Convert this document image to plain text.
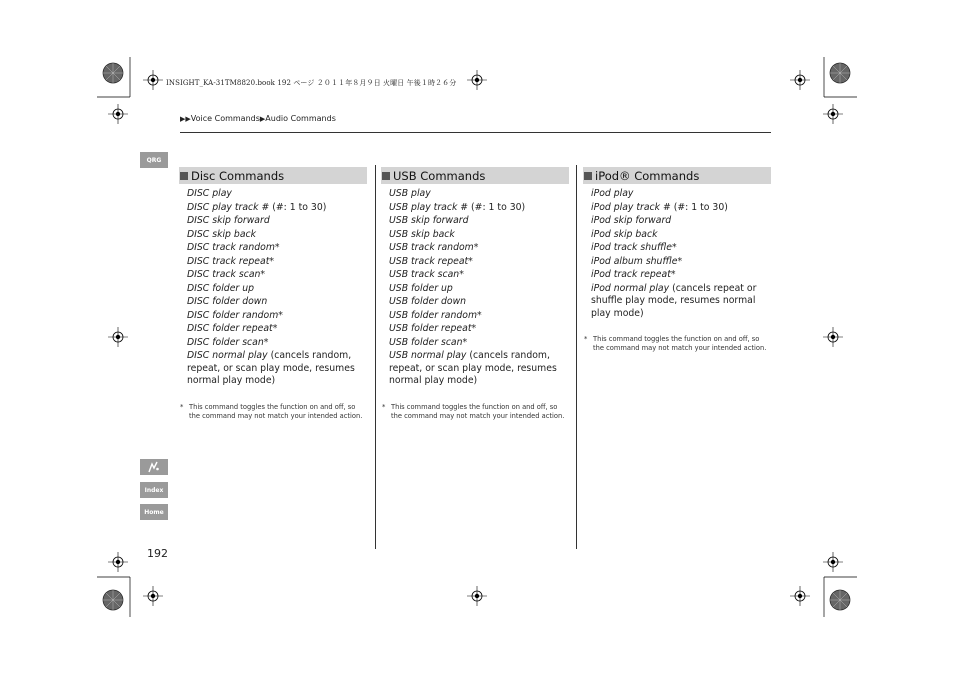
INSIGHT_KA-31TM8820.book 192 ページ ２０１１年８月９日 火曜日 午後１時２６分
▶▶Voice Commands▶Audio Commands
QRG
Index
Home
192
Disc Commands
DISC play
DISC play track # (#: 1 to 30)
DISC skip forward
DISC skip back
DISC track random*
DISC track repeat*
DISC track scan*
DISC folder up
DISC folder down
DISC folder random*
DISC folder repeat*
DISC folder scan*
DISC normal play (cancels random, repeat, or scan play mode, resumes normal play mode)
* This command toggles the function on and off, so the command may not match your intended action.
USB Commands
USB play
USB play track # (#: 1 to 30)
USB skip forward
USB skip back
USB track random*
USB track repeat*
USB track scan*
USB folder up
USB folder down
USB folder random*
USB folder repeat*
USB folder scan*
USB normal play (cancels random, repeat, or scan play mode, resumes normal play mode)
* This command toggles the function on and off, so the command may not match your intended action.
iPod® Commands
iPod play
iPod play track # (#: 1 to 30)
iPod skip forward
iPod skip back
iPod track shuffle*
iPod album shuffle*
iPod track repeat*
iPod normal play (cancels repeat or shuffle play mode, resumes normal play mode)
* This command toggles the function on and off, so the command may not match your intended action.
